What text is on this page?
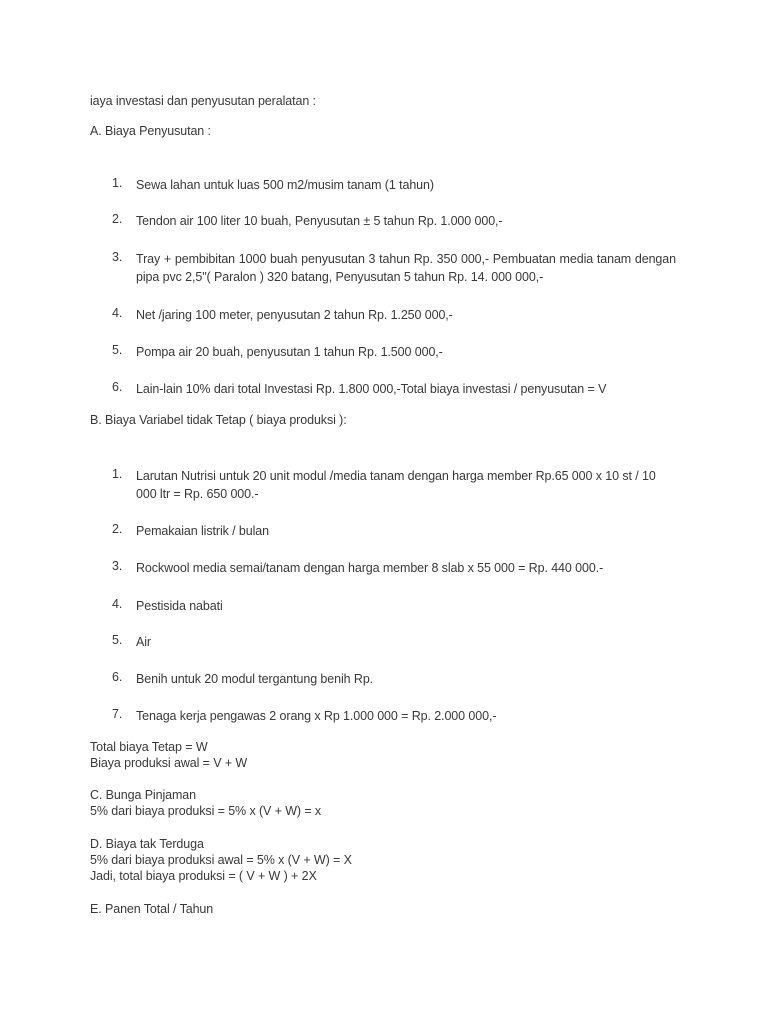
iaya investasi dan penyusutan peralatan :
A. Biaya Penyusutan :
1. Sewa lahan untuk luas 500 m2/musim tanam (1 tahun)
2. Tendon air 100 liter 10 buah, Penyusutan ± 5 tahun Rp. 1.000 000,-
3. Tray + pembibitan 1000 buah penyusutan 3 tahun Rp. 350 000,- Pembuatan media tanam dengan pipa pvc 2,5"( Paralon ) 320 batang, Penyusutan 5 tahun Rp. 14. 000 000,-
4. Net /jaring 100 meter, penyusutan 2 tahun Rp. 1.250 000,-
5. Pompa air 20 buah, penyusutan 1 tahun Rp. 1.500 000,-
6. Lain-lain 10% dari total Investasi Rp. 1.800 000,-Total biaya investasi / penyusutan = V
B. Biaya Variabel tidak Tetap ( biaya produksi ):
1. Larutan Nutrisi untuk 20 unit modul /media tanam dengan harga member Rp.65 000 x 10 st / 10 000 ltr = Rp. 650 000.-
2. Pemakaian listrik / bulan
3. Rockwool media semai/tanam dengan harga member 8 slab x 55 000 = Rp. 440 000.-
4. Pestisida nabati
5. Air
6. Benih untuk 20 modul tergantung benih Rp.
7. Tenaga kerja pengawas 2 orang x Rp 1.000 000 = Rp. 2.000 000,-
Total biaya Tetap = W
Biaya produksi awal = V + W
C. Bunga Pinjaman
5% dari biaya produksi = 5% x (V + W) = x
D. Biaya tak Terduga
5% dari biaya produksi awal = 5% x (V + W) = X
Jadi, total biaya produksi = ( V + W ) + 2X
E. Panen Total / Tahun
